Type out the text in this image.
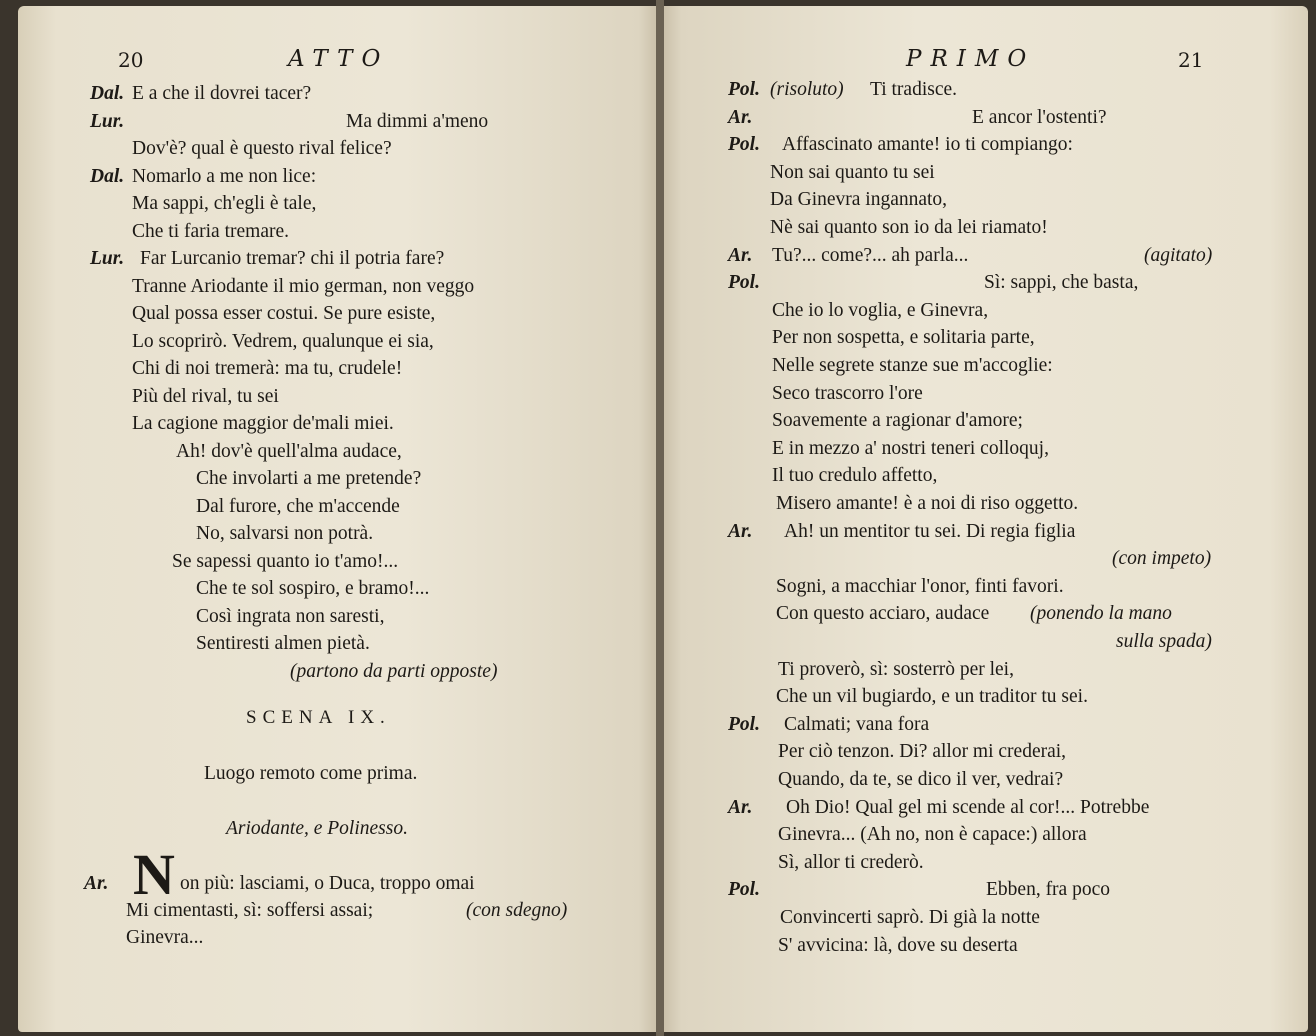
20	ATTO
Dal. E a che il dovrei tacer?
Lur.	Ma dimmi a'meno
Dov'è? qual è questo rival felice?
Dal. Nomarlo a me non lice:
Ma sappi, ch'egli è tale,
Che ti faria tremare.
Lur. Far Lurcanio tremar? chi il potria fare?
Tranne Ariodante il mio german, non veggo
Qual possa esser costui. Se pure esiste,
Lo scoprirò. Vedrem, qualunque ei sia,
Chi di noi tremerà: ma tu, crudele!
Più del rival, tu sei
La cagione maggior de'mali miei.
Ah! dov'è quell'alma audace,
Che involarti a me pretende?
Dal furore, che m'accende
No, salvarsi non potrà.
Se sapessi quanto io t'amo!...
Che te sol sospiro, e bramo!...
Così ingrata non saresti,
Sentiresti almen pietà.
(partono da parti opposte)
SCENA IX.
Luogo remoto come prima.
Ariodante, e Polinesso.
N
Ar.	on più: lasciami, o Duca, troppo omai
Mi cimentasti, sì: soffersi assai;	(con sdegno)
Ginevra...
PRIMO	21
Pol.	Ti tradisce.
(risoluto)
Ar.	E ancor l'ostenti?
Pol. Affascinato amante! io ti compiango:
Non sai quanto tu sei
Da Ginevra ingannato,
Nè sai quanto son io da lei riamato!
Ar. Tu?... come?... ah parla...	(agitato)
Pol.	Sì: sappi, che basta,
Che io lo voglia, e Ginevra,
Per non sospetta, e solitaria parte,
Nelle segrete stanze sue m'accoglie:
Seco trascorro l'ore
Soavemente a ragionar d'amore;
E in mezzo a' nostri teneri colloquj,
Il tuo credulo affetto,
Misero amante! è a noi di riso oggetto.
Ar. Ah! un mentitor tu sei. Di regia figlia
(con impeto)
Sogni, a macchiar l'onor, finti favori.
Con questo acciaro, audace (ponendo la mano
sulla spada)
Ti proverò, sì: sosterrò per lei,
Che un vil bugiardo, e un traditor tu sei.
Pol. Calmati; vana fora
Per ciò tenzon. Di? allor mi crederai,
Quando, da te, se dico il ver, vedrai?
Ar. Oh Dio! Qual gel mi scende al cor!... Potrebbe
Ginevra... (Ah no, non è capace:) allora
Sì, allor ti crederò.
Pol.	Ebben, fra poco
Convincerti saprò. Di già la notte
S' avvicina: là, dove su deserta
